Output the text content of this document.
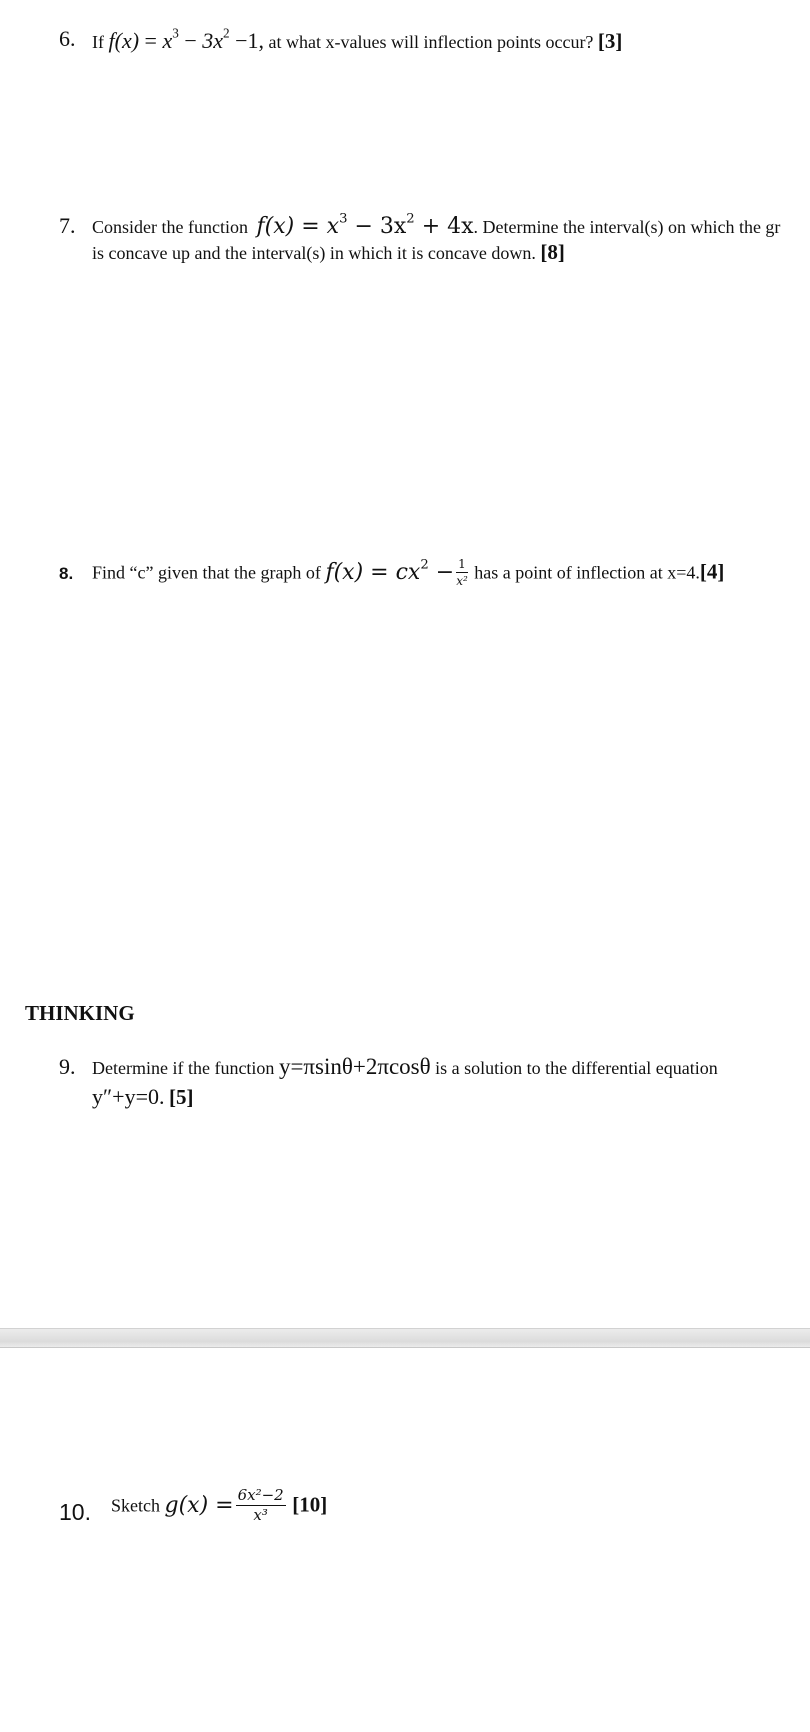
6. If $f(x) = x^3 - 3x^2 -1$, at what x-values will inflection points occur? [3]
7. Consider the function $f(x) = x^3 - 3x^2 + 4x$. Determine the interval(s) on which the gr
is concave up and the interval(s) in which it is concave down. [8]
8. Find “c” given that the graph of $f(x) = cx^2 - \frac{1}{\text{x²}}$ has a point of inflection at x=4.[4]
THINKING
9. Determine if the function y=πsinθ+2πcosθ is a solution to the differential equation
y″+y=0. [5]
10. Sketch $g(x) = \frac{\text{6x²−2}}{\text{x³}} [10]$
